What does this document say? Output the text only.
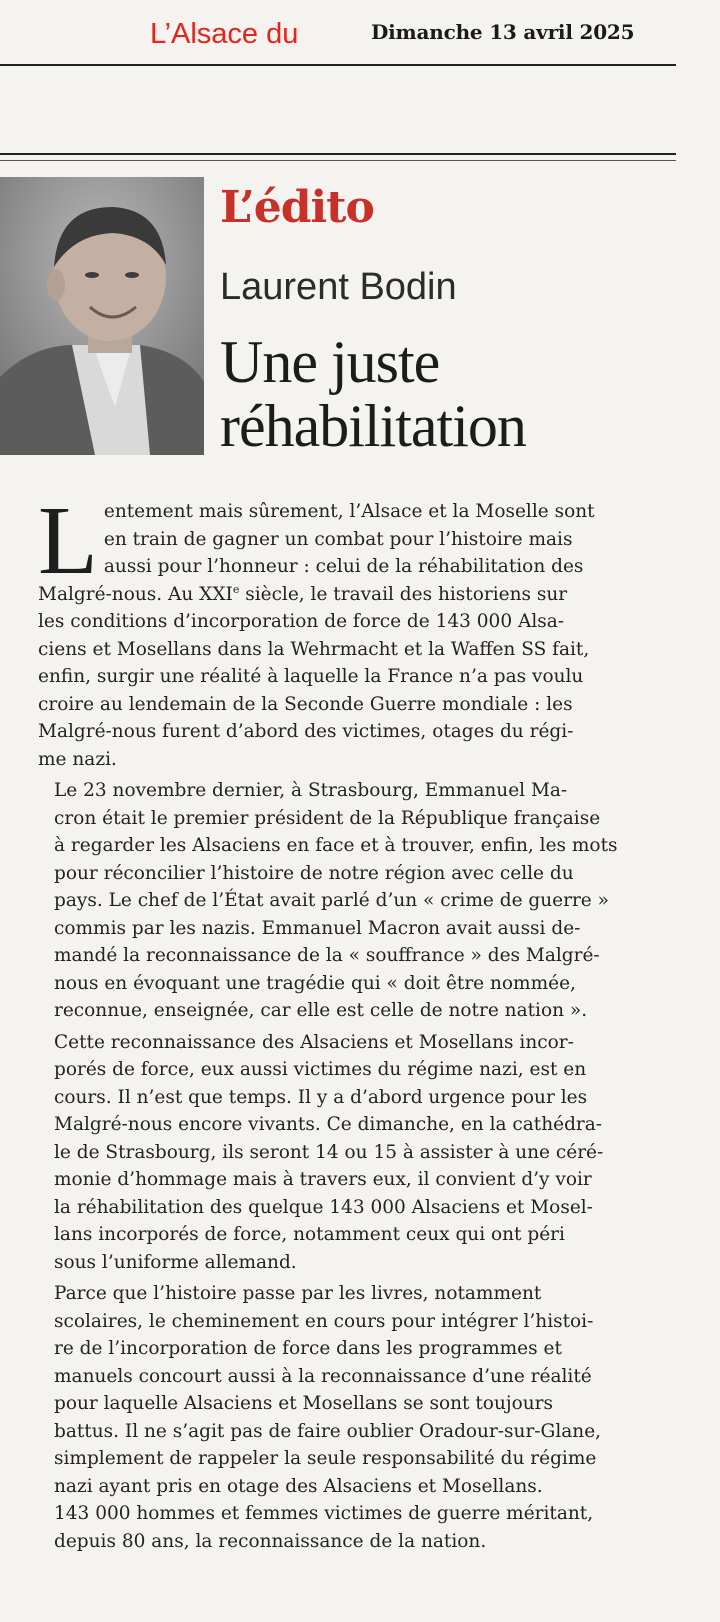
L’Alsace du	Dimanche 13 avril 2025
L’édito
Laurent Bodin
Une juste
réhabilitation

L entement mais sûrement, l’Alsace et la Moselle sont
en train de gagner un combat pour l’histoire mais
aussi pour l’honneur : celui de la réhabilitation des
Malgré-nous. Au XXIe siècle, le travail des historiens sur
les conditions d’incorporation de force de 143 000 Alsa-
ciens et Mosellans dans la Wehrmacht et la Waffen SS fait,
enfin, surgir une réalité à laquelle la France n’a pas voulu
croire au lendemain de la Seconde Guerre mondiale : les
Malgré-nous furent d’abord des victimes, otages du régi-
me nazi.

Le 23 novembre dernier, à Strasbourg, Emmanuel Ma-

cron était le premier président de la République française
à regarder les Alsaciens en face et à trouver, enfin, les mots
pour réconcilier l’histoire de notre région avec celle du
pays. Le chef de l’État avait parlé d’un « crime de guerre »
commis par les nazis. Emmanuel Macron avait aussi de-
mandé la reconnaissance de la « souffrance » des Malgré-
nous en évoquant une tragédie qui « doit être nommée,
reconnue, enseignée, car elle est celle de notre nation ».

Cette reconnaissance des Alsaciens et Mosellans incor-

porés de force, eux aussi victimes du régime nazi, est en
cours. Il n’est que temps. Il y a d’abord urgence pour les
Malgré-nous encore vivants. Ce dimanche, en la cathédra-
le de Strasbourg, ils seront 14 ou 15 à assister à une céré-
monie d’hommage mais à travers eux, il convient d’y voir
la réhabilitation des quelque 143 000 Alsaciens et Mosel-
lans incorporés de force, notamment ceux qui ont péri
sous l’uniforme allemand.

Parce que l’histoire passe par les livres, notamment

scolaires, le cheminement en cours pour intégrer l’histoi-
re de l’incorporation de force dans les programmes et
manuels concourt aussi à la reconnaissance d’une réalité
pour laquelle Alsaciens et Mosellans se sont toujours
battus. Il ne s’agit pas de faire oublier Oradour-sur-Glane,
simplement de rappeler la seule responsabilité du régime
nazi ayant pris en otage des Alsaciens et Mosellans.
143 000 hommes et femmes victimes de guerre méritant,
depuis 80 ans, la reconnaissance de la nation.
